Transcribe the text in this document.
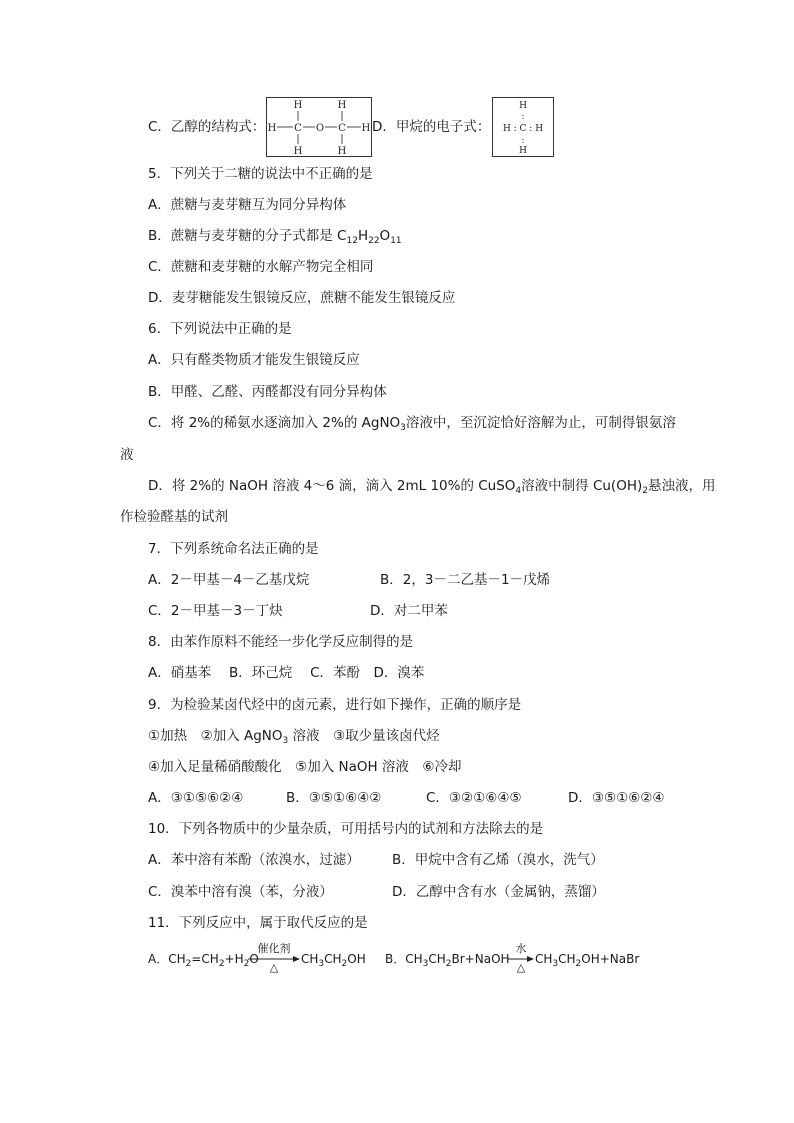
C．乙醇的结构式：
H	H
H C O C H
H	H
D．甲烷的电子式：
H
:
H : C : H
:
H
5．下列关于二糖的说法中不正确的是
A．蔗糖与麦芽糖互为同分异构体
B．蔗糖与麦芽糖的分子式都是 $C_{12}H_{22}O_{11}$
C．蔗糖和麦芽糖的水解产物完全相同
D．麦芽糖能发生银镜反应，蔗糖不能发生银镜反应
6．下列说法中正确的是
A．只有醛类物质才能发生银镜反应
B．甲醛、乙醛、丙醛都没有同分异构体
C．将 2%的稀氨水逐滴加入 2%的 AgNO$_3$溶液中，至沉淀恰好溶解为止，可制得银氨溶
液
D．将 2%的 NaOH 溶液 4～6 滴，滴入 2mL 10%的 CuSO$_4$溶液中制得 $Cu(OH)_2$悬浊液，用
作检验醛基的试剂
7．下列系统命名法正确的是
A．2－甲基－4－乙基戊烷	B．2，3－二乙基－1－戊烯
C．2－甲基－3－丁炔	D．对二甲苯
8．由苯作原料不能经一步化学反应制得的是
A．硝基苯　 B．环己烷　 C．苯酚　D．溴苯
9．为检验某卤代烃中的卤元素，进行如下操作，正确的顺序是
①加热　②加入 AgNO$_3$ 溶液　③取少量该卤代烃
④加入足量稀硝酸酸化　⑤加入 NaOH 溶液　⑥冷却
A．③①⑤⑥②④	B．③⑤①⑥④②	C．③②①⑥④⑤	D．③⑤①⑥②④
10．下列各物质中的少量杂质，可用括号内的试剂和方法除去的是
A．苯中溶有苯酚（浓溴水，过滤） B．甲烷中含有乙烯（溴水，洗气）
C．溴苯中溶有溴（苯，分液）	D．乙醇中含有水（金属钠，蒸馏）
11．下列反应中，属于取代反应的是
A．$CH_2=CH_2+H_2O$
催化剂
△
$CH_3CH_2OH$ B．$CH_3CH_2Br+NaOH$
水
△
$CH_3CH_2OH+NaBr$
